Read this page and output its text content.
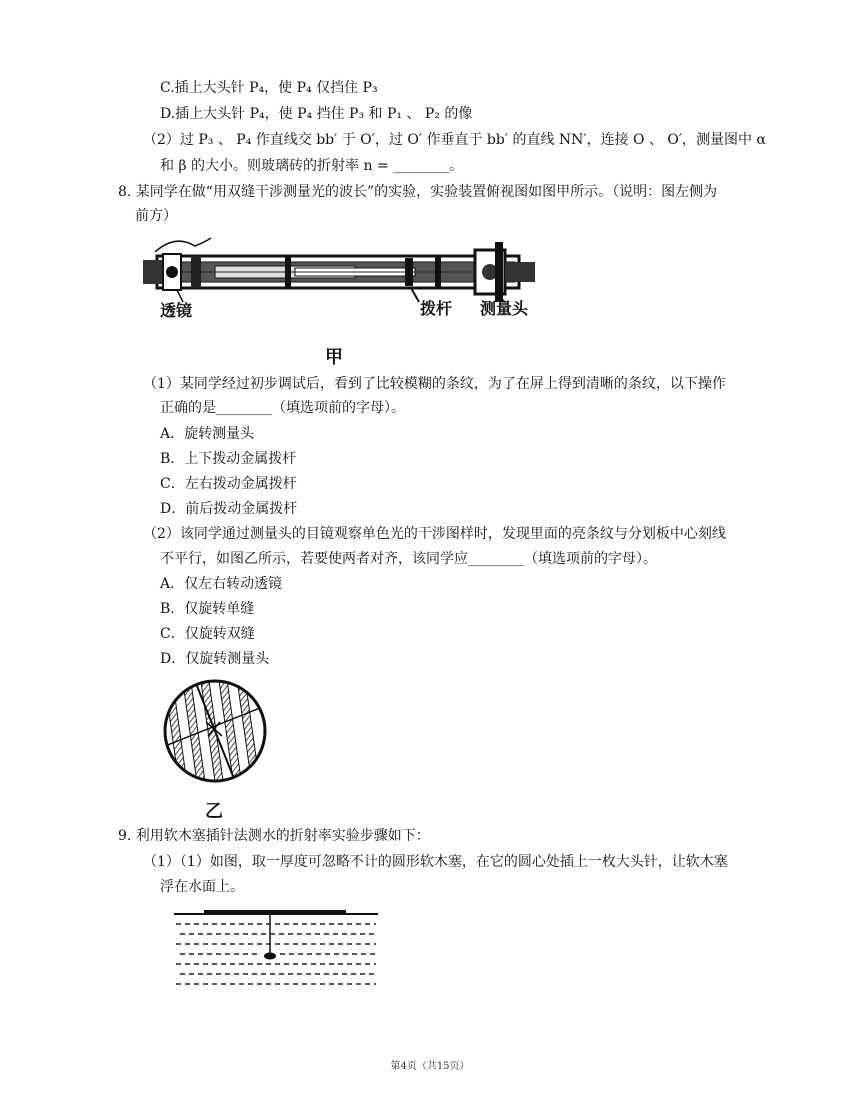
C.插上大头针 P₄，使 P₄ 仅挡住 P₃
D.插上大头针 P₄，使 P₄ 挡住 P₃ 和 P₁ 、 P₂ 的像
（2）过 P₃ 、 P₄ 作直线交 bb′ 于 O′，过 O′ 作垂直于 bb′ 的直线 NN′，连接 O 、 O′，测量图中 α
和 β 的大小。则玻璃砖的折射率 n = ________。
8. 某同学在做“用双缝干涉测量光的波长”的实验，实验装置俯视图如图甲所示。（说明：图左侧为
前方）
透镜	拨杆 测量头
甲
（1）某同学经过初步调试后，看到了比较模糊的条纹，为了在屏上得到清晰的条纹，以下操作
正确的是________（填选项前的字母）。
A．旋转测量头
B．上下拨动金属拨杆
C．左右拨动金属拨杆
D．前后拨动金属拨杆
（2）该同学通过测量头的目镜观察单色光的干涉图样时，发现里面的亮条纹与分划板中心刻线
不平行，如图乙所示，若要使两者对齐，该同学应________（填选项前的字母）。
A．仅左右转动透镜
B．仅旋转单缝
C．仅旋转双缝
D．仅旋转测量头
乙
9. 利用软木塞插针法测水的折射率实验步骤如下：
（1）（1）如图，取一厚度可忽略不计的圆形软木塞，在它的圆心处插上一枚大头针，让软木塞
浮在水面上。
第4页（共15页）
